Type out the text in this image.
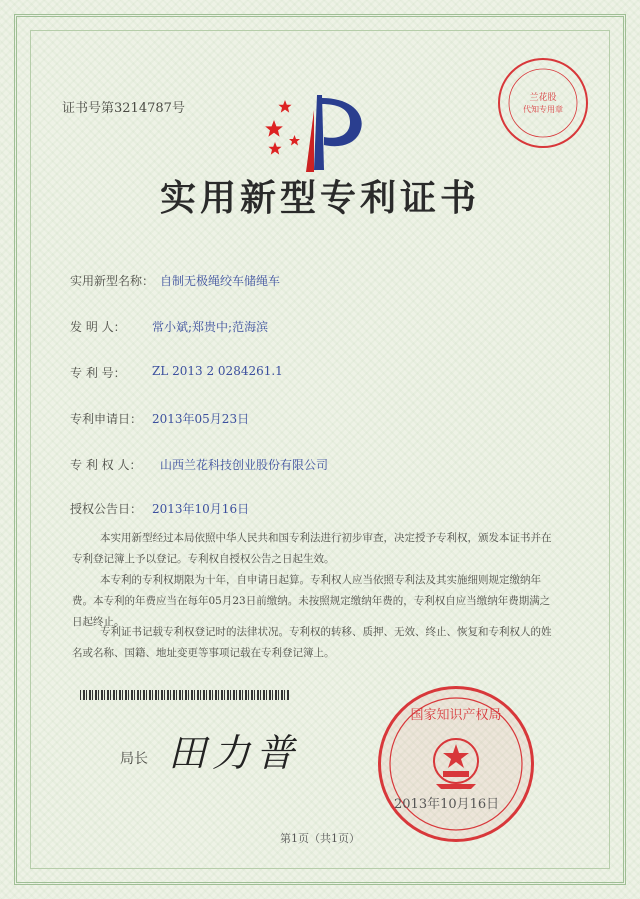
证书号第3214787号
兰花股
代知专用章
实用新型专利证书
实用新型名称： 自制无极绳绞车储绳车
发 明 人： 常小斌;郑贵中;范海滨
专 利 号： ZL 2013 2 0284261.1
专利申请日： 2013年05月23日
专 利 权 人： 山西兰花科技创业股份有限公司
授权公告日： 2013年10月16日
本实用新型经过本局依照中华人民共和国专利法进行初步审查，决定授予专利权，颁发本证书并在专利登记簿上予以登记。专利权自授权公告之日起生效。
本专利的专利权期限为十年，自申请日起算。专利权人应当依照专利法及其实施细则规定缴纳年费。本专利的年费应当在每年05月23日前缴纳。未按照规定缴纳年费的，专利权自应当缴纳年费期满之日起终止。
专利证书记载专利权登记时的法律状况。专利权的转移、质押、无效、终止、恢复和专利权人的姓名或名称、国籍、地址变更等事项记载在专利登记簿上。
局长 田力普
国家知识产权局
2013年10月16日
第1页（共1页）
